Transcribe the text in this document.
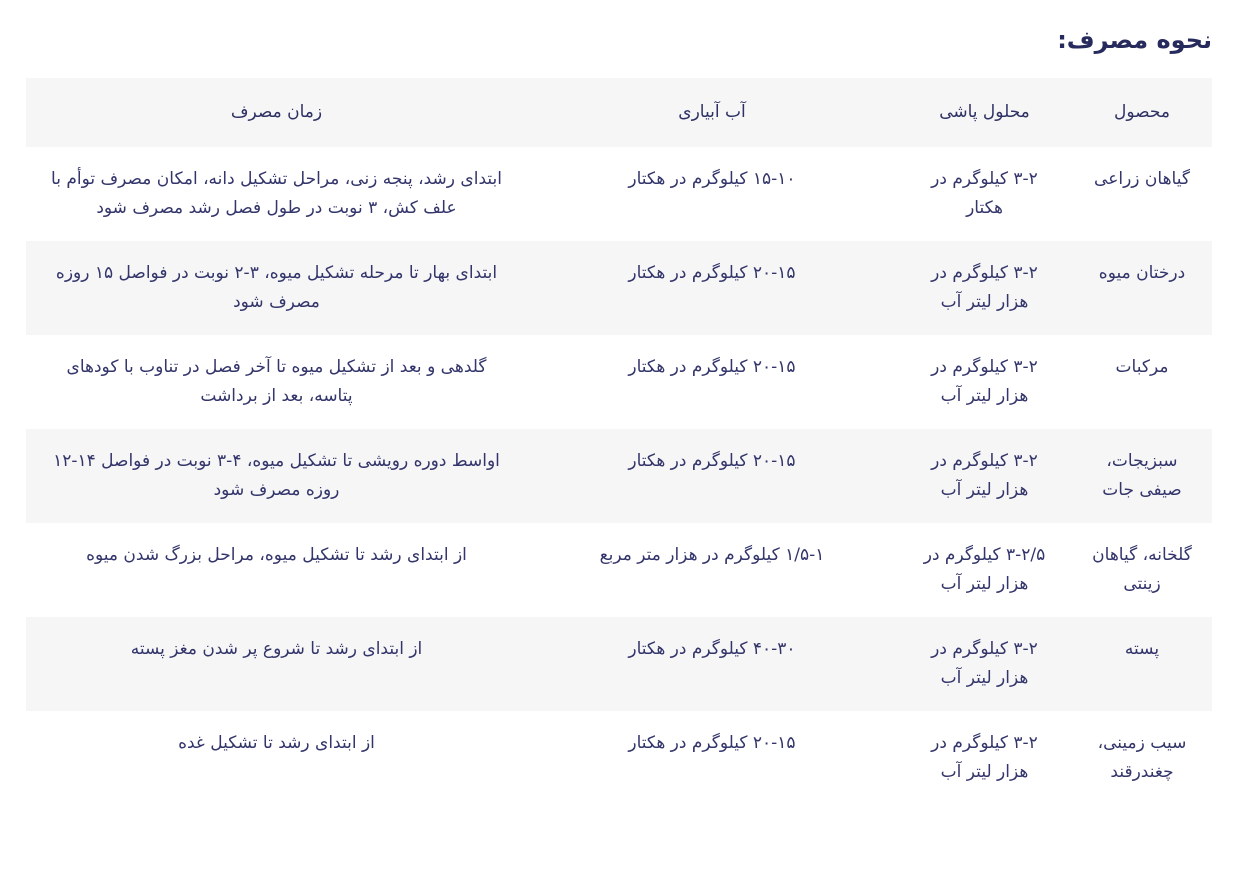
نحوه مصرف:
محصول	محلول پاشی	آب آبیاری	زمان مصرف
گیاهان زراعی	۳-۲ کیلوگرم در هکتار	۱۵-۱۰ کیلوگرم در هکتار	ابتدای رشد، پنجه زنی، مراحل تشکیل دانه، امکان مصرف توأم با علف کش، ۳ نوبت در طول فصل رشد مصرف شود
درختان میوه	۳-۲ کیلوگرم در هزار لیتر آب	۲۰-۱۵ کیلوگرم در هکتار	ابتدای بهار تا مرحله تشکیل میوه، ۳-۲ نوبت در فواصل ۱۵ روزه مصرف شود
مرکبات	۳-۲ کیلوگرم در هزار لیتر آب	۲۰-۱۵ کیلوگرم در هکتار	گلدهی و بعد از تشکیل میوه تا آخر فصل در تناوب با کودهای پتاسه، بعد از برداشت
سبزیجات، صیفی جات	۳-۲ کیلوگرم در هزار لیتر آب	۲۰-۱۵ کیلوگرم در هکتار	اواسط دوره رویشی تا تشکیل میوه، ۴-۳ نوبت در فواصل ۱۴-۱۲ روزه مصرف شود
گلخانه، گیاهان زینتی	۳-۲/۵ کیلوگرم در هزار لیتر آب	۱/۵-۱ کیلوگرم در هزار متر مربع	از ابتدای رشد تا تشکیل میوه، مراحل بزرگ شدن میوه
پسته	۳-۲ کیلوگرم در هزار لیتر آب	۴۰-۳۰ کیلوگرم در هکتار	از ابتدای رشد تا شروع پر شدن مغز پسته
سیب زمینی، چغندرقند	۳-۲ کیلوگرم در هزار لیتر آب	۲۰-۱۵ کیلوگرم در هکتار	از ابتدای رشد تا تشکیل غده
